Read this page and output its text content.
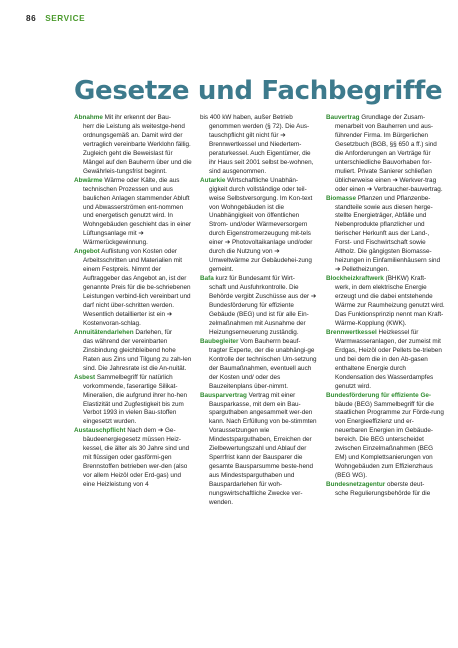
86 SERVICE
Gesetze und Fachbegriffe

Abnahme Mit ihr erkennt der Bau-
herr die Leistung als weitestge-hend ordnungsgemäß an. Damit wird der vertraglich vereinbarte Werklohn fällig. Zugleich geht die Beweislast für Mängel auf den Bauherrn über und die Gewährleis-tungsfrist beginnt.

Abwärme Wärme oder Kälte, die aus
technischen Prozessen und aus baulichen Anlagen stammender Abluft und Abwasserströmen ent-nommen und energetisch genutzt wird. In Wohngebäuden geschieht das in einer Lüftungsanlage mit ➔ Wärmerückgewinnung.

Angebot Auflistung von Kosten oder
Arbeitsschritten und Materialien mit einem Festpreis. Nimmt der Auftraggeber das Angebot an, ist der genannte Preis für die be-schriebenen Leistungen verbind-lich vereinbart und darf nicht über-schritten werden. Wesentlich detaillierter ist ein ➔ Kostenvoran-schlag.

Annuitätendarlehen Darlehen, für
das während der vereinbarten Zinsbindung gleichbleibend hohe Raten aus Zins und Tilgung zu zah-len sind. Die Jahresrate ist die An-nuität.

Asbest Sammelbegriff für natürlich
vorkommende, faserartige Silikat-Mineralien, die aufgrund ihrer ho-hen Elastizität und Zugfestigkeit bis zum Verbot 1993 in vielen Bau-stoffen eingesetzt wurden.

Austauschpflicht Nach dem ➔ Ge-
bäudeenergiegesetz müssen Heiz-kessel, die älter als 30 Jahre sind und mit flüssigen oder gasförmi-gen Brennstoffen betrieben wer-den (also vor allem Heizöl oder Erd-gas) und eine Heizleistung von 4

bis 400 kW haben, außer Betrieb
genommen werden (§ 72). Die Aus-tauschpflicht gilt nicht für ➔ Brennwertkessel und Niedertem-peraturkessel. Auch Eigentümer, die ihr Haus seit 2001 selbst be-wohnen, sind ausgenommen.

Autarkie Wirtschaftliche Unabhän-
gigkeit durch vollständige oder teil-weise Selbstversorgung. Im Kon-text von Wohngebäuden ist die Unabhängigkeit von öffentlichen Strom- und/oder Wärmeversorgern durch Eigenstromerzeugung mit-tels einer ➔ Photovoltaikanlage und/oder durch die Nutzung von ➔ Umweltwärme zur Gebäudehei-zung gemeint.

Bafa kurz für Bundesamt für Wirt-
schaft und Ausfuhrkontrolle. Die Behörde vergibt Zuschüsse aus der ➔ Bundesförderung für effiziente Gebäude (BEG) und ist für alle Ein-zelmaßnahmen mit Ausnahme der Heizungserneuerung zuständig.

Baubegleiter Vom Bauherrn beauf-
tragter Experte, der die unabhängi-ge Kontrolle der technischen Um-setzung der Baumaßnahmen, eventuell auch der Kosten und/ oder des Bauzeitenplans über-nimmt.

Bausparvertrag Vertrag mit einer
Bausparkasse, mit dem ein Bau-sparguthaben angesammelt wer-den kann. Nach Erfüllung von be-stimmten Voraussetzungen wie Mindestsparguthaben, Erreichen der Zielbewertungszahl und Ablauf der Sperrfrist kann der Bausparer die gesamte Bausparsumme beste-hend aus Mindestsparguthaben und Bauspardarlehen für woh-nungswirtschaftliche Zwecke ver-wenden.

Bauvertrag Grundlage der Zusam-
menarbeit von Bauherren und aus-führender Firma. Im Bürgerlichen Gesetzbuch (BGB, §§ 650 a ff.) sind die Anforderungen an Verträge für unterschiedliche Bauvorhaben for-muliert. Private Sanierer schließen üblicherweise einen ➔ Werkver-trag oder einen ➔ Verbraucher-bauvertrag.

Biomasse Pflanzen und Pflanzenbe-
standteile sowie aus diesen herge-stellte Energieträger, Abfälle und Nebenprodukte pflanzlicher und tierischer Herkunft aus der Land-, Forst- und Fischwirtschaft sowie Altholz. Die gängigsten Biomasse-heizungen in Einfamilienhäusern sind ➔ Pelletheizungen.

Blockheizkraftwerk (BHKW) Kraft-
werk, in dem elektrische Energie erzeugt und die dabei entstehende Wärme zur Raumheizung genutzt wird. Das Funktionsprinzip nennt man Kraft-Wärme-Kopplung (KWK).

Brennwertkessel Heizkessel für
Warmwasseranlagen, der zumeist mit Erdgas, Heizöl oder Pellets be-trieben und bei dem die in den Ab-gasen enthaltene Energie durch Kondensation des Wasserdampfes genutzt wird.

Bundesförderung für effiziente Ge-
bäude (BEG) Sammelbegriff für die staatlichen Programme zur Förde-rung von Energieeffizienz und er-neuerbaren Energien im Gebäude-bereich. Die BEG unterscheidet zwischen Einzelmaßnahmen (BEG EM) und Komplettsanierungen von Wohngebäuden zum Effizienzhaus (BEG WG).

Bundesnetzagentur oberste deut-
sche Regulierungsbehörde für die
